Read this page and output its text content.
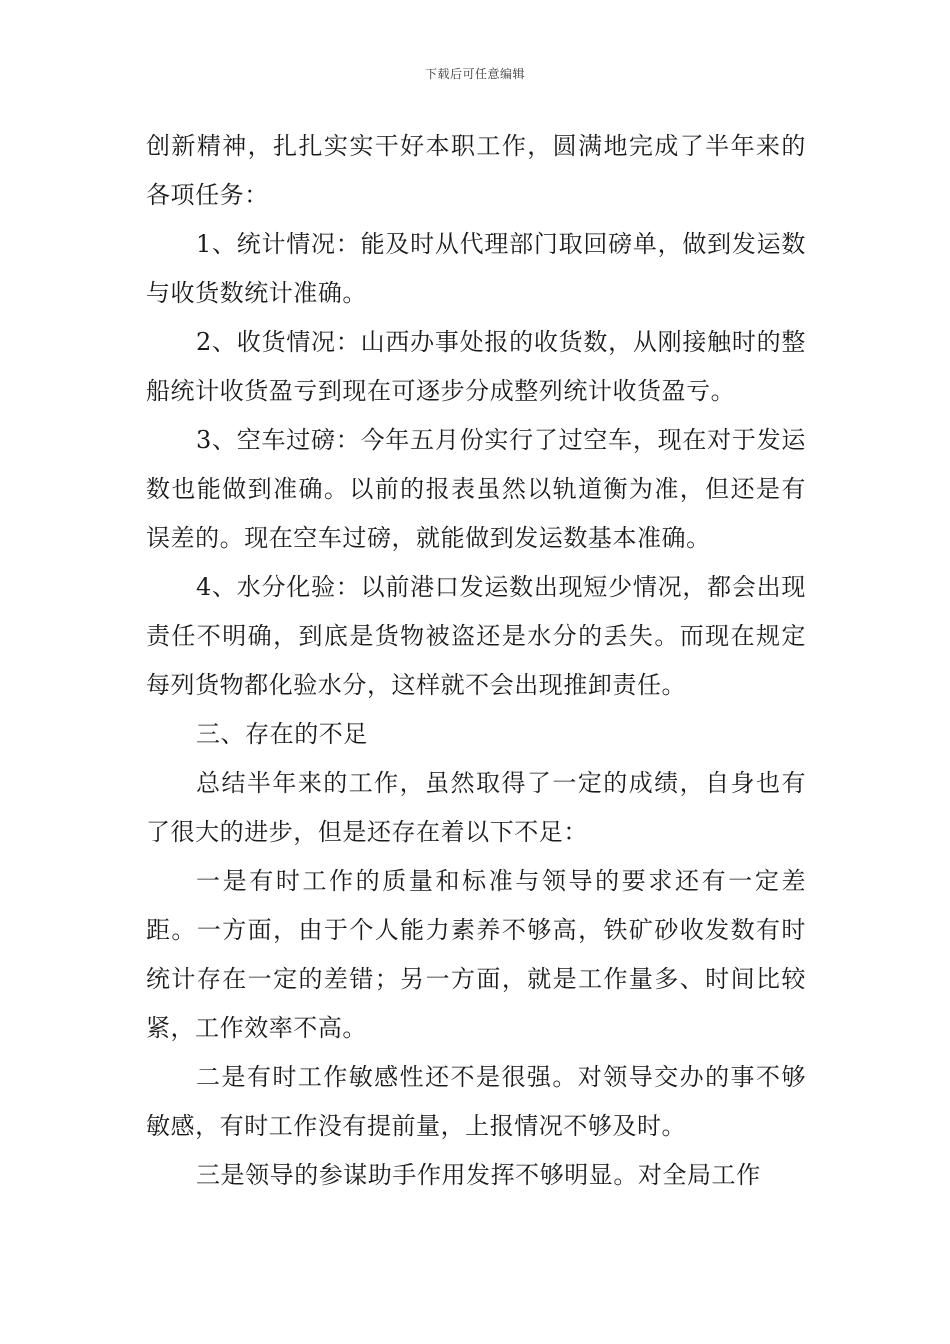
下载后可任意编辑

创新精神，扎扎实实干好本职工作，圆满地完成了半年来的各项任务：

1、统计情况：能及时从代理部门取回磅单，做到发运数与收货数统计准确。

2、收货情况：山西办事处报的收货数，从刚接触时的整船统计收货盈亏到现在可逐步分成整列统计收货盈亏。

3、空车过磅：今年五月份实行了过空车，现在对于发运数也能做到准确。以前的报表虽然以轨道衡为准，但还是有误差的。现在空车过磅，就能做到发运数基本准确。

4、水分化验：以前港口发运数出现短少情况，都会出现责任不明确，到底是货物被盗还是水分的丢失。而现在规定每列货物都化验水分，这样就不会出现推卸责任。

三、存在的不足

总结半年来的工作，虽然取得了一定的成绩，自身也有了很大的进步，但是还存在着以下不足：

一是有时工作的质量和标准与领导的要求还有一定差距。一方面，由于个人能力素养不够高，铁矿砂收发数有时统计存在一定的差错；另一方面，就是工作量多、时间比较紧，工作效率不高。

二是有时工作敏感性还不是很强。对领导交办的事不够敏感，有时工作没有提前量，上报情况不够及时。

三是领导的参谋助手作用发挥不够明显。对全局工作
